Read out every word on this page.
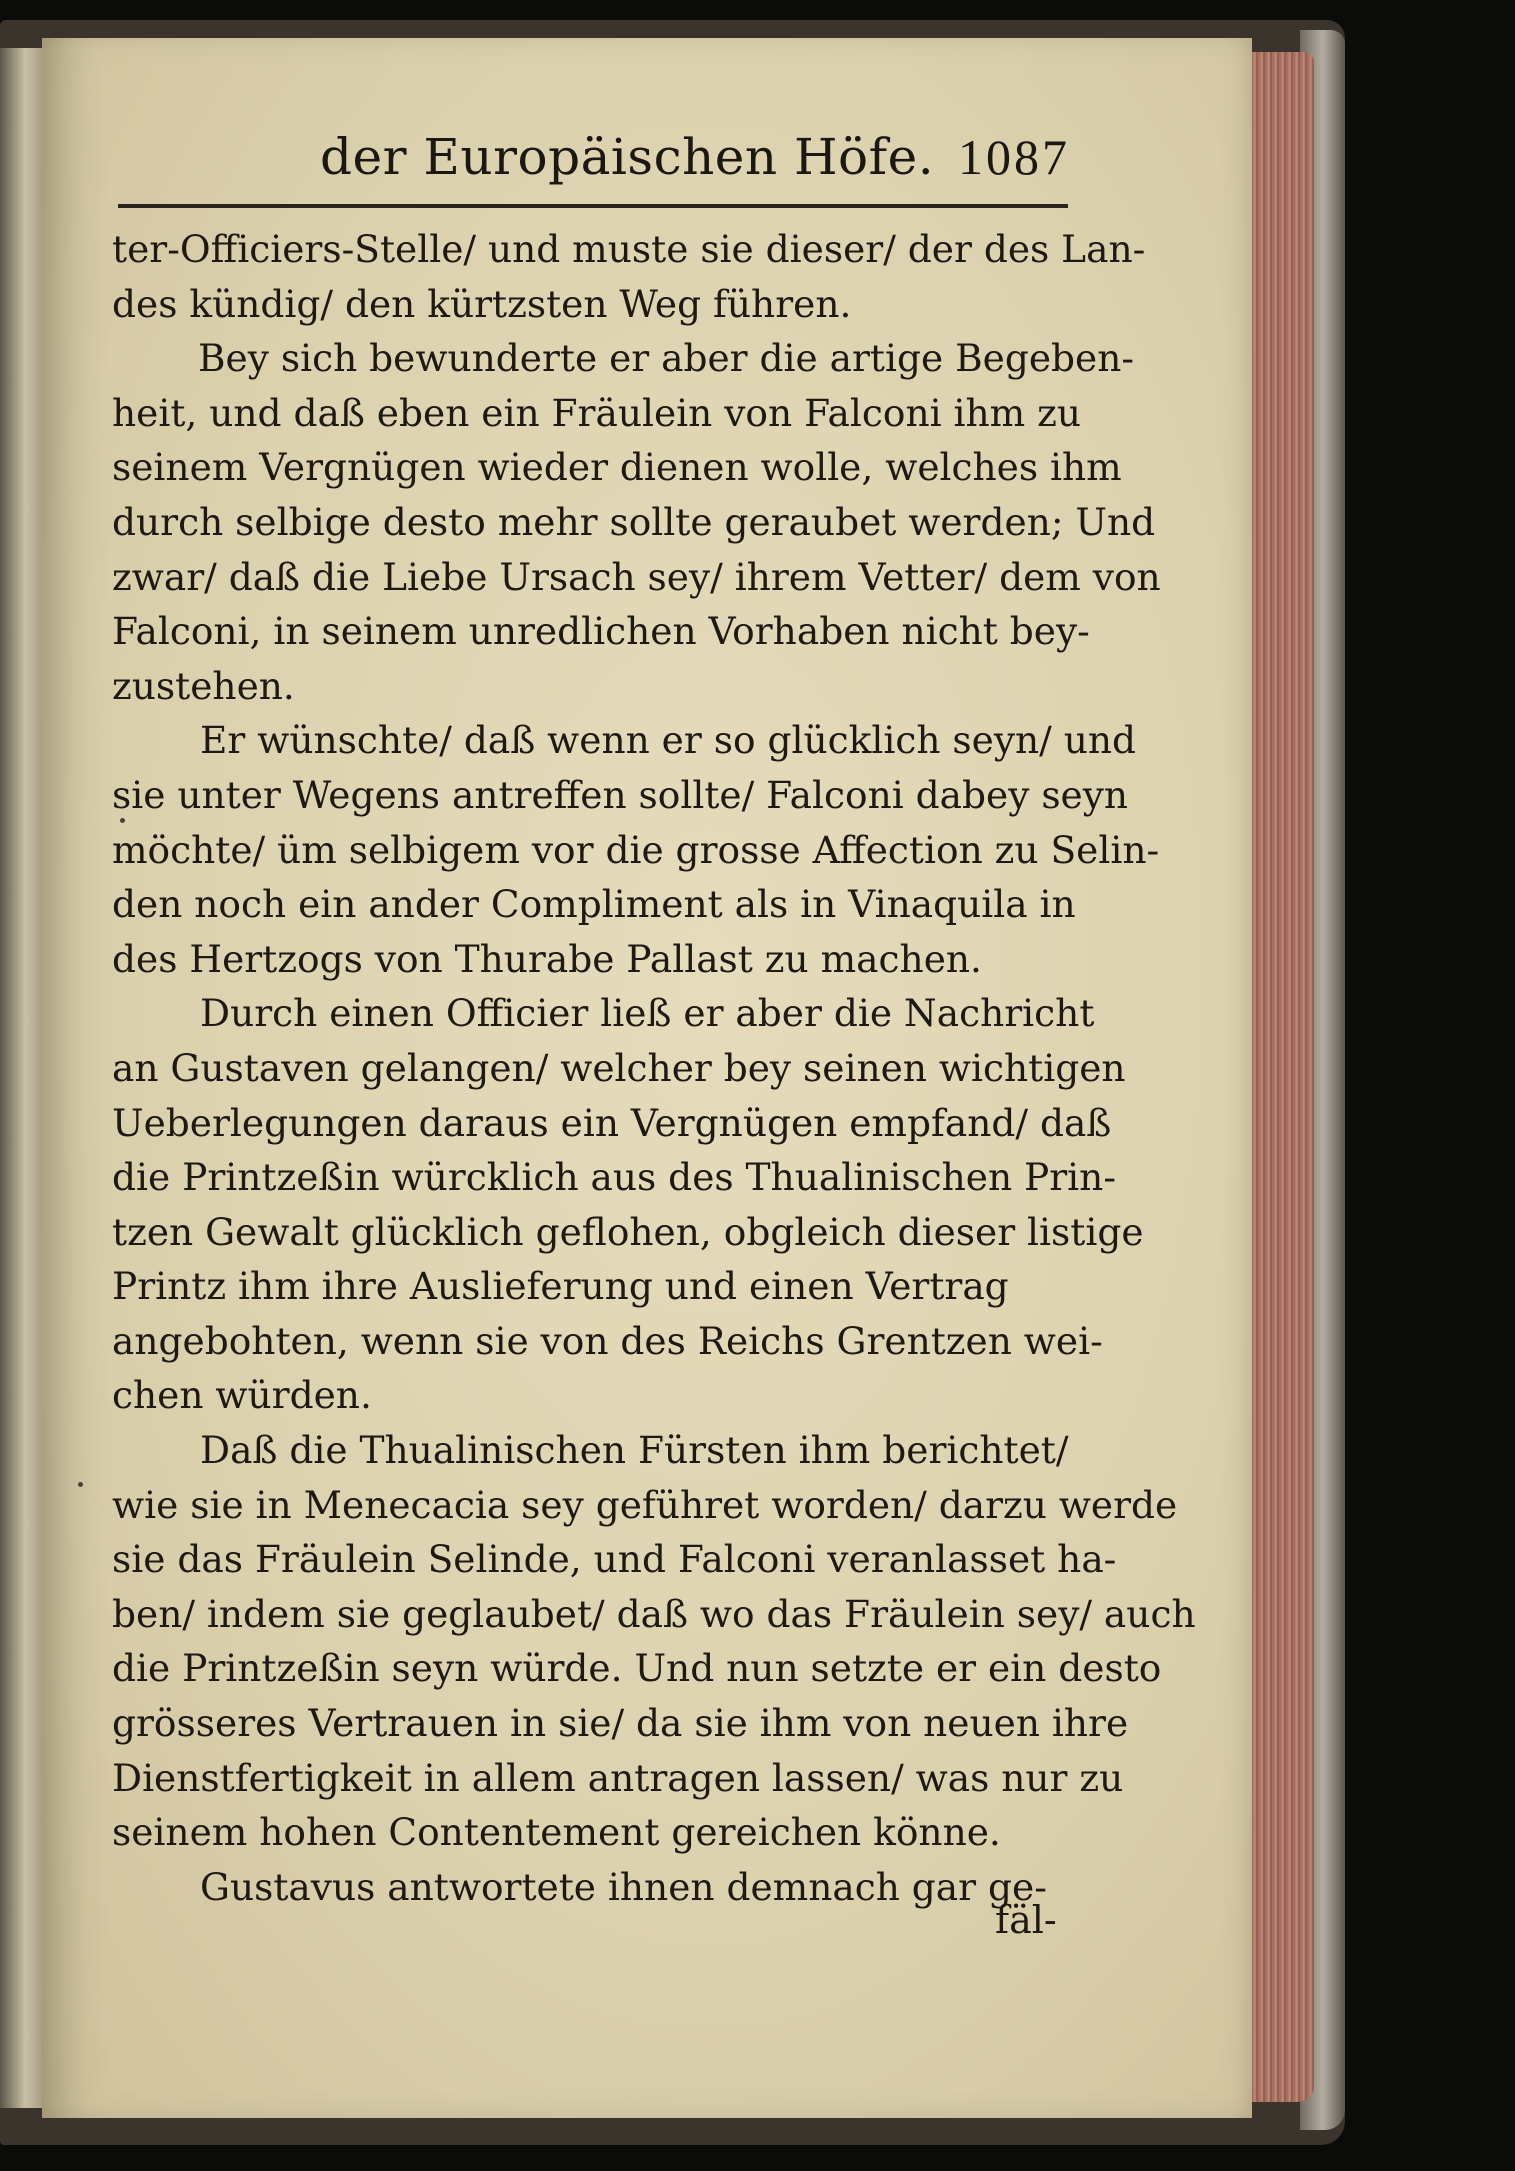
der Europäischen Höfe. 1087
ter-Officiers-Stelle/ und muste sie dieser/ der des Lan-
des kündig/ den kürtzsten Weg führen.
Bey sich bewunderte er aber die artige Begeben-
heit, und daß eben ein Fräulein von Falconi ihm zu
seinem Vergnügen wieder dienen wolle, welches ihm
durch selbige desto mehr sollte geraubet werden; Und
zwar/ daß die Liebe Ursach sey/ ihrem Vetter/ dem von
Falconi, in seinem unredlichen Vorhaben nicht bey-
zustehen.
Er wünschte/ daß wenn er so glücklich seyn/ und
sie unter Wegens antreffen sollte/ Falconi dabey seyn
möchte/ üm selbigem vor die grosse Affection zu Selin-
den noch ein ander Compliment als in Vinaquila in
des Hertzogs von Thurabe Pallast zu machen.
Durch einen Officier ließ er aber die Nachricht
an Gustaven gelangen/ welcher bey seinen wichtigen
Ueberlegungen daraus ein Vergnügen empfand/ daß
die Printzeßin würcklich aus des Thualinischen Prin-
tzen Gewalt glücklich geflohen, obgleich dieser listige
Printz ihm ihre Auslieferung und einen Vertrag
angebohten, wenn sie von des Reichs Grentzen wei-
chen würden.
Daß die Thualinischen Fürsten ihm berichtet/
wie sie in Menecacia sey geführet worden/ darzu werde
sie das Fräulein Selinde, und Falconi veranlasset ha-
ben/ indem sie geglaubet/ daß wo das Fräulein sey/ auch
die Printzeßin seyn würde. Und nun setzte er ein desto
grösseres Vertrauen in sie/ da sie ihm von neuen ihre
Dienstfertigkeit in allem antragen lassen/ was nur zu
seinem hohen Contentement gereichen könne.
Gustavus antwortete ihnen demnach gar ge-
fäl-
